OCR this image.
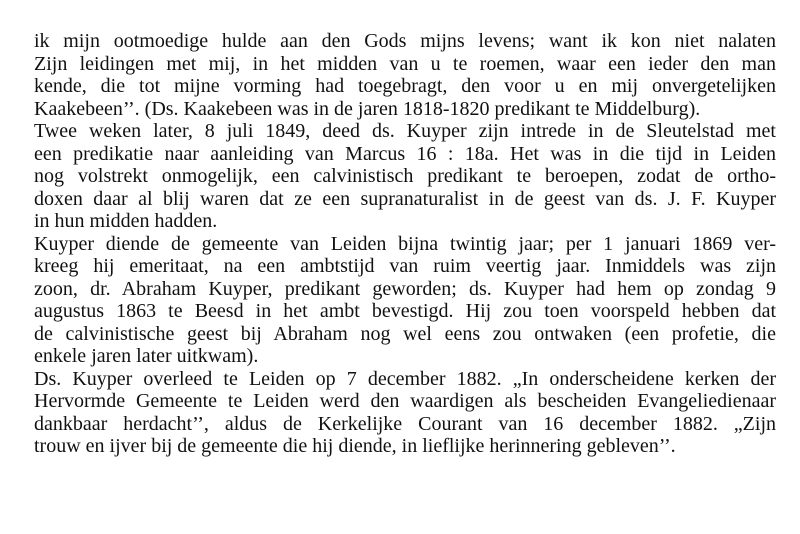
ik mijn ootmoedige hulde aan den Gods mijns levens; want ik kon niet nalaten
Zijn leidingen met mij, in het midden van u te roemen, waar een ieder den man
kende, die tot mijne vorming had toegebragt, den voor u en mij onvergetelijken
Kaakebeen’’. (Ds. Kaakebeen was in de jaren 1818-1820 predikant te Middelburg).
Twee weken later, 8 juli 1849, deed ds. Kuyper zijn intrede in de Sleutelstad met
een predikatie naar aanleiding van Marcus 16 : 18a. Het was in die tijd in Leiden
nog volstrekt onmogelijk, een calvinistisch predikant te beroepen, zodat de ortho-
doxen daar al blij waren dat ze een supranaturalist in de geest van ds. J. F. Kuyper
in hun midden hadden.
Kuyper diende de gemeente van Leiden bijna twintig jaar; per 1 januari 1869 ver-
kreeg hij emeritaat, na een ambtstijd van ruim veertig jaar. Inmiddels was zijn
zoon, dr. Abraham Kuyper, predikant geworden; ds. Kuyper had hem op zondag 9
augustus 1863 te Beesd in het ambt bevestigd. Hij zou toen voorspeld hebben dat
de calvinistische geest bij Abraham nog wel eens zou ontwaken (een profetie, die
enkele jaren later uitkwam).
Ds. Kuyper overleed te Leiden op 7 december 1882. „In onderscheidene kerken der
Hervormde Gemeente te Leiden werd den waardigen als bescheiden Evangeliedienaar
dankbaar herdacht’’, aldus de Kerkelijke Courant van 16 december 1882. „Zijn
trouw en ijver bij de gemeente die hij diende, in lieflijke herinnering gebleven’’.
